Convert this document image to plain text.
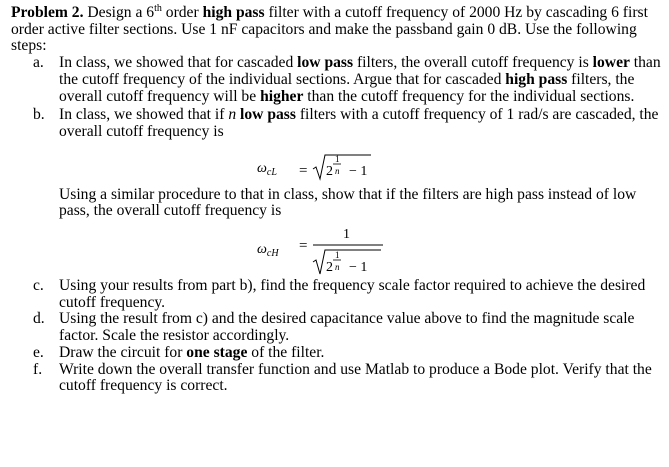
Problem 2. Design a 6th order high pass filter with a cutoff frequency of 2000 Hz by cascading 6 first order active filter sections. Use 1 nF capacitors and make the passband gain 0 dB. Use the following steps:

a. In class, we showed that for cascaded low pass filters, the overall cutoff frequency is lower than the cutoff frequency of the individual sections. Argue that for cascaded high pass filters, the overall cutoff frequency will be higher than the cutoff frequency for the individual sections.
b. In class, we showed that if n low pass filters with a cutoff frequency of 1 rad/s are cascaded, the overall cutoff frequency is
$\omega_{cL} = 2$
1
− 1
n
Using a similar procedure to that in class, show that if the filters are high pass instead of low pass, the overall cutoff frequency is
$\omega_{cH}$ =
1
2
1
− 1
n
c. Using your results from part b), find the frequency scale factor required to achieve the desired cutoff frequency.
d. Using the result from c) and the desired capacitance value above to find the magnitude scale factor. Scale the resistor accordingly.
e. Draw the circuit for one stage of the filter.
f. Write down the overall transfer function and use Matlab to produce a Bode plot. Verify that the cutoff frequency is correct.
